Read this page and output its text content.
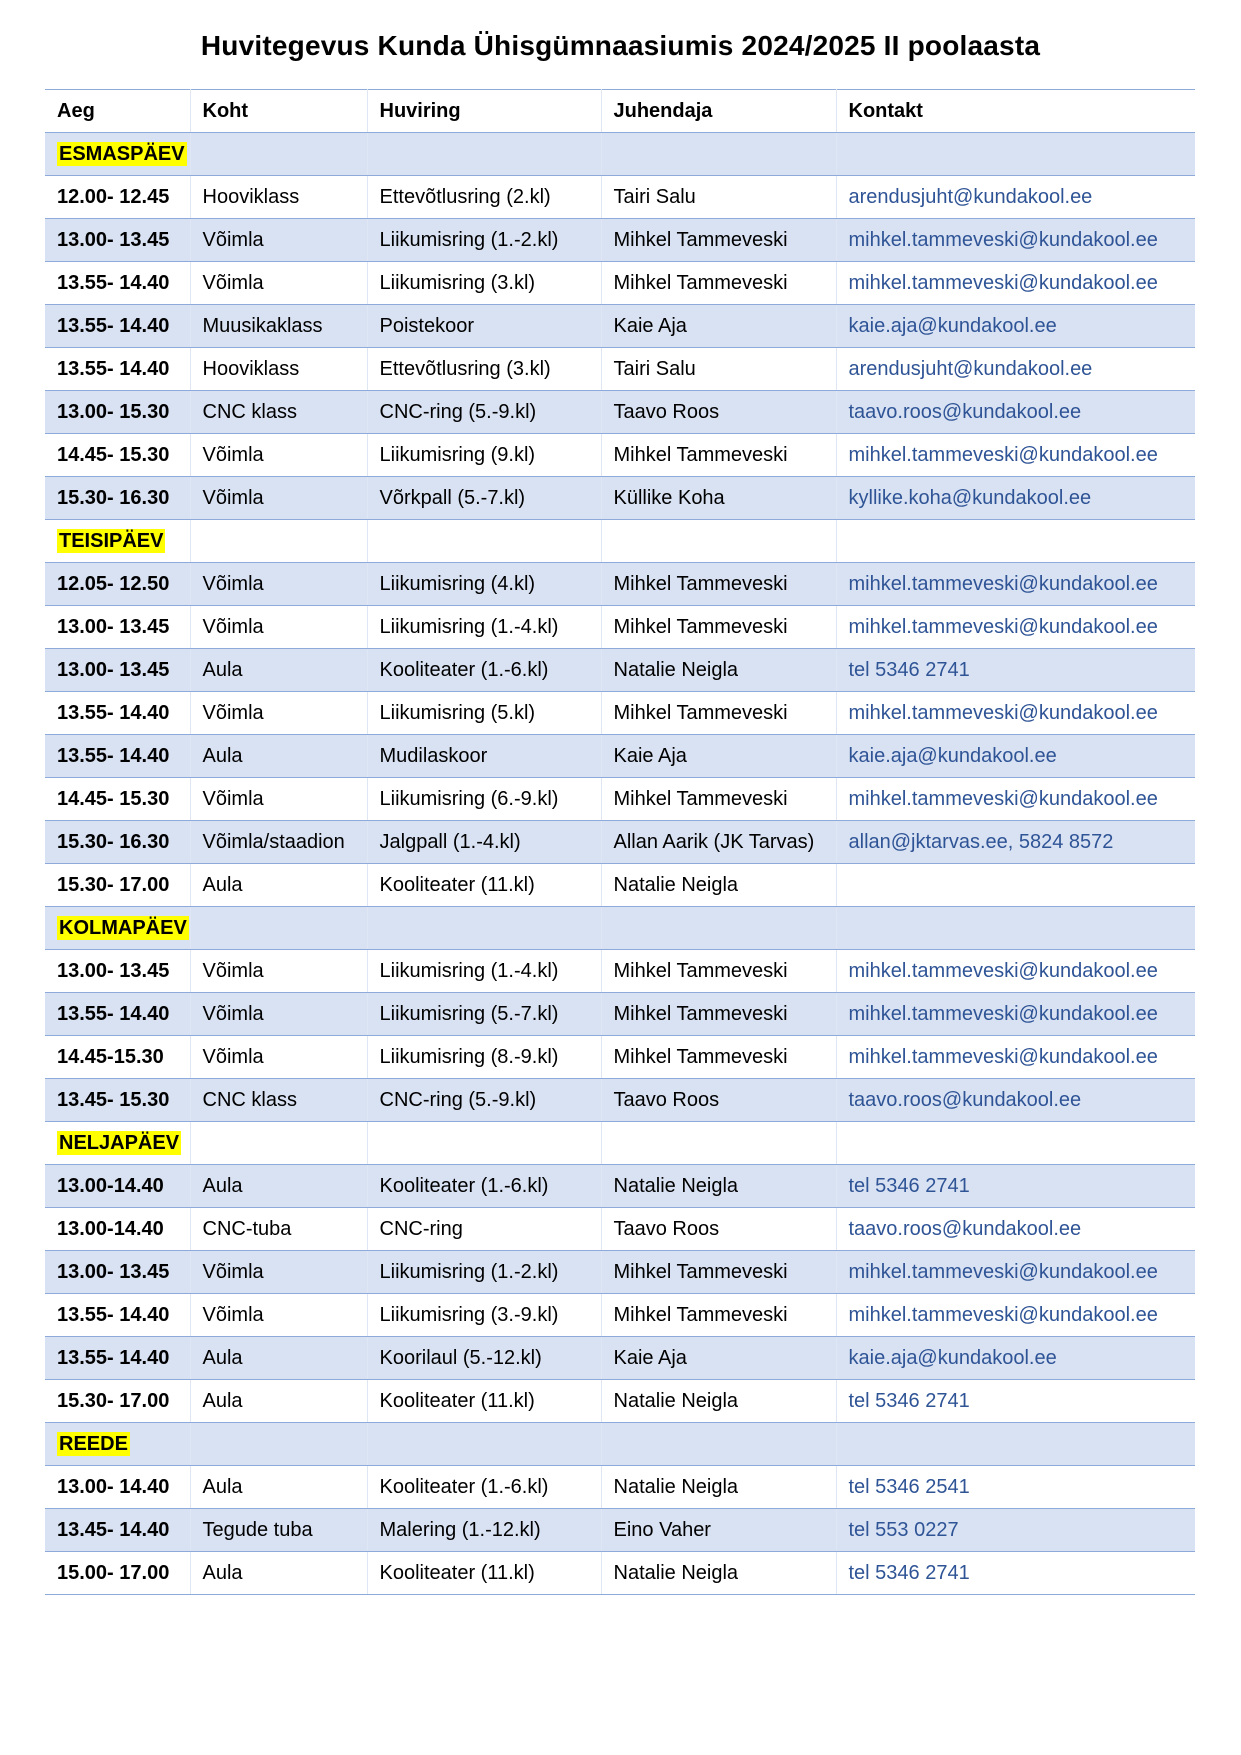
Huvitegevus Kunda Ühisgümnaasiumis 2024/2025 II poolaasta
Aeg	Koht	Huviring	Juhendaja	Kontakt
ESMASPÄEV				
12.00- 12.45	Hooviklass	Ettevõtlusring (2.kl)	Tairi Salu	arendusjuht@kundakool.ee
13.00- 13.45	Võimla	Liikumisring (1.-2.kl)	Mihkel Tammeveski	mihkel.tammeveski@kundakool.ee
13.55- 14.40	Võimla	Liikumisring (3.kl)	Mihkel Tammeveski	mihkel.tammeveski@kundakool.ee
13.55- 14.40	Muusikaklass	Poistekoor	Kaie Aja	kaie.aja@kundakool.ee
13.55- 14.40	Hooviklass	Ettevõtlusring (3.kl)	Tairi Salu	arendusjuht@kundakool.ee
13.00- 15.30	CNC klass	CNC-ring (5.-9.kl)	Taavo Roos	taavo.roos@kundakool.ee
14.45- 15.30	Võimla	Liikumisring (9.kl)	Mihkel Tammeveski	mihkel.tammeveski@kundakool.ee
15.30- 16.30	Võimla	Võrkpall (5.-7.kl)	Küllike Koha	kyllike.koha@kundakool.ee
TEISIPÄEV				
12.05- 12.50	Võimla	Liikumisring (4.kl)	Mihkel Tammeveski	mihkel.tammeveski@kundakool.ee
13.00- 13.45	Võimla	Liikumisring (1.-4.kl)	Mihkel Tammeveski	mihkel.tammeveski@kundakool.ee
13.00- 13.45	Aula	Kooliteater (1.-6.kl)	Natalie Neigla	tel 5346 2741
13.55- 14.40	Võimla	Liikumisring (5.kl)	Mihkel Tammeveski	mihkel.tammeveski@kundakool.ee
13.55- 14.40	Aula	Mudilaskoor	Kaie Aja	kaie.aja@kundakool.ee
14.45- 15.30	Võimla	Liikumisring (6.-9.kl)	Mihkel Tammeveski	mihkel.tammeveski@kundakool.ee
15.30- 16.30	Võimla/staadion	Jalgpall (1.-4.kl)	Allan Aarik (JK Tarvas)	allan@jktarvas.ee, 5824 8572
15.30- 17.00	Aula	Kooliteater (11.kl)	Natalie Neigla	
KOLMAPÄEV				
13.00- 13.45	Võimla	Liikumisring (1.-4.kl)	Mihkel Tammeveski	mihkel.tammeveski@kundakool.ee
13.55- 14.40	Võimla	Liikumisring (5.-7.kl)	Mihkel Tammeveski	mihkel.tammeveski@kundakool.ee
14.45-15.30	Võimla	Liikumisring (8.-9.kl)	Mihkel Tammeveski	mihkel.tammeveski@kundakool.ee
13.45- 15.30	CNC klass	CNC-ring (5.-9.kl)	Taavo Roos	taavo.roos@kundakool.ee
NELJAPÄEV				
13.00-14.40	Aula	Kooliteater (1.-6.kl)	Natalie Neigla	tel 5346 2741
13.00-14.40	CNC-tuba	CNC-ring	Taavo Roos	taavo.roos@kundakool.ee
13.00- 13.45	Võimla	Liikumisring (1.-2.kl)	Mihkel Tammeveski	mihkel.tammeveski@kundakool.ee
13.55- 14.40	Võimla	Liikumisring (3.-9.kl)	Mihkel Tammeveski	mihkel.tammeveski@kundakool.ee
13.55- 14.40	Aula	Koorilaul (5.-12.kl)	Kaie Aja	kaie.aja@kundakool.ee
15.30- 17.00	Aula	Kooliteater (11.kl)	Natalie Neigla	tel 5346 2741
REEDE				
13.00- 14.40	Aula	Kooliteater (1.-6.kl)	Natalie Neigla	tel 5346 2541
13.45- 14.40	Tegude tuba	Malering (1.-12.kl)	Eino Vaher	tel 553 0227
15.00- 17.00	Aula	Kooliteater (11.kl)	Natalie Neigla	tel 5346 2741
